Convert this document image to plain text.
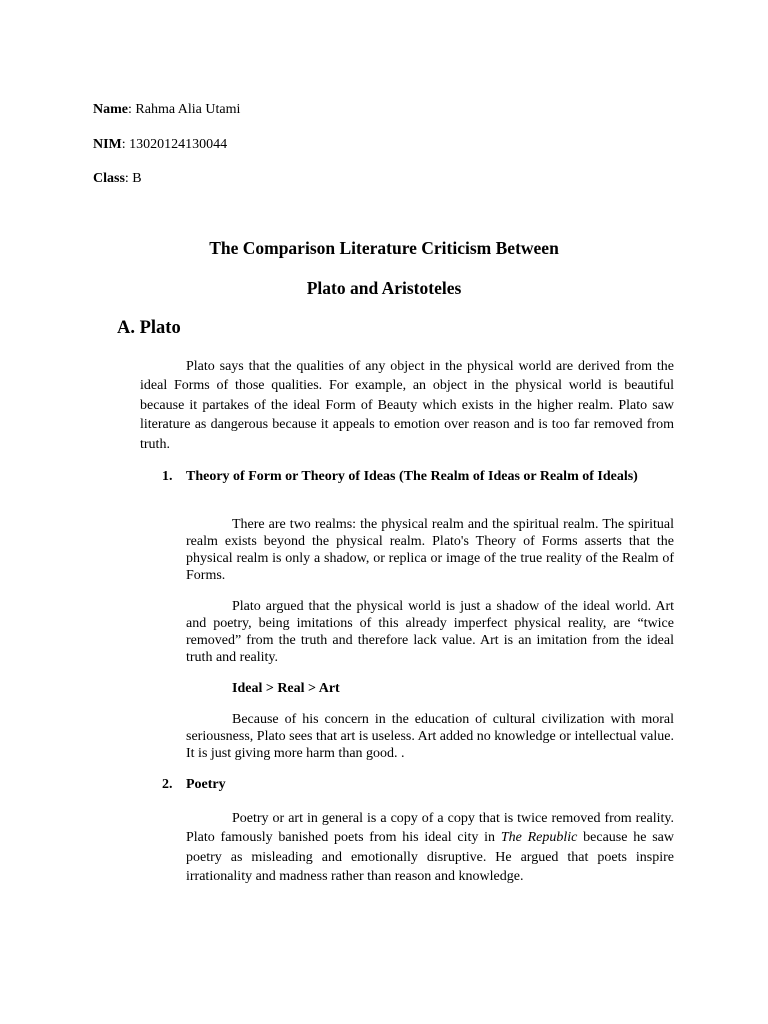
Name: Rahma Alia Utami
NIM: 13020124130044
Class: B
The Comparison Literature Criticism Between
Plato and Aristoteles
A. Plato
Plato says that the qualities of any object in the physical world are derived from the ideal Forms of those qualities. For example, an object in the physical world is beautiful because it partakes of the ideal Form of Beauty which exists in the higher realm. Plato saw literature as dangerous because it appeals to emotion over reason and is too far removed from truth.
1. Theory of Form or Theory of Ideas (The Realm of Ideas or Realm of Ideals)
There are two realms: the physical realm and the spiritual realm. The spiritual realm exists beyond the physical realm. Plato's Theory of Forms asserts that the physical realm is only a shadow, or replica or image of the true reality of the Realm of Forms.
Plato argued that the physical world is just a shadow of the ideal world. Art and poetry, being imitations of this already imperfect physical reality, are “twice removed” from the truth and therefore lack value. Art is an imitation from the ideal truth and reality.
Ideal > Real > Art
Because of his concern in the education of cultural civilization with moral seriousness, Plato sees that art is useless. Art added no knowledge or intellectual value. It is just giving more harm than good. .
2. Poetry
Poetry or art in general is a copy of a copy that is twice removed from reality. Plato famously banished poets from his ideal city in The Republic because he saw poetry as misleading and emotionally disruptive. He argued that poets inspire irrationality and madness rather than reason and knowledge.
